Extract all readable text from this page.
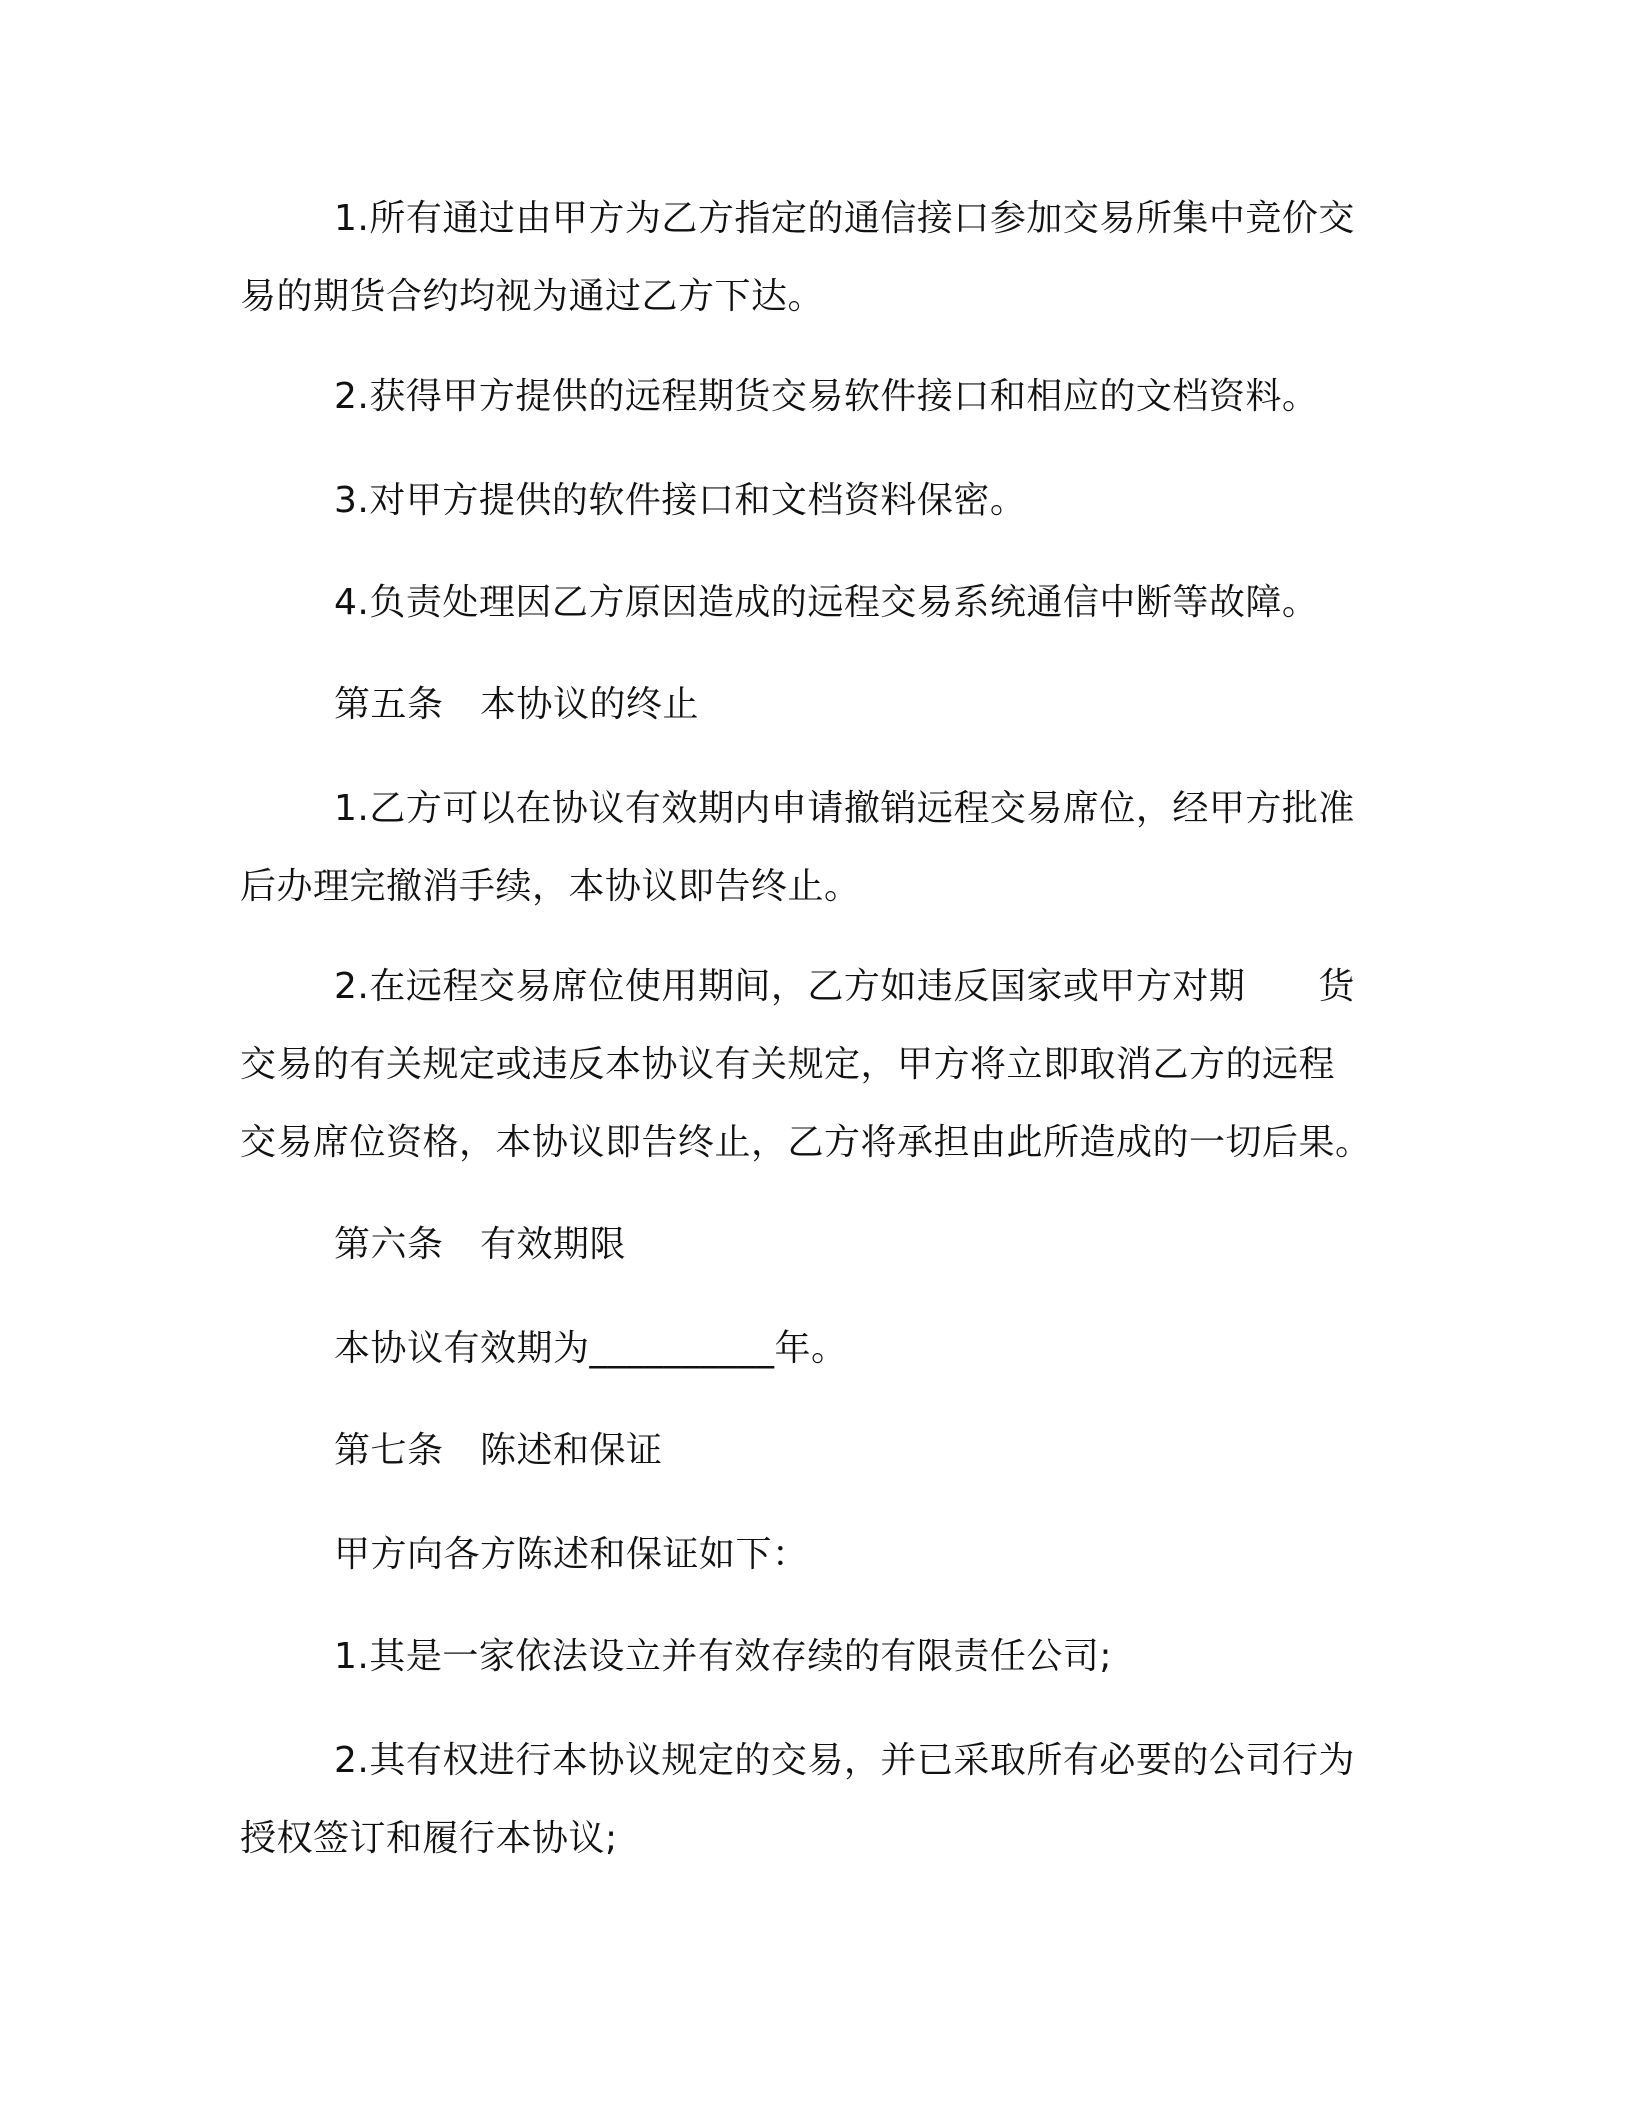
1.所有通过由甲方为乙方指定的通信接口参加交易所集中竞价交
易的期货合约均视为通过乙方下达。
2.获得甲方提供的远程期货交易软件接口和相应的文档资料。
3.对甲方提供的软件接口和文档资料保密。
4.负责处理因乙方原因造成的远程交易系统通信中断等故障。
第五条　本协议的终止
1.乙方可以在协议有效期内申请撤销远程交易席位，经甲方批准
后办理完撤消手续，本协议即告终止。
2.在远程交易席位使用期间，乙方如违反国家或甲方对期　　货
交易的有关规定或违反本协议有关规定，甲方将立即取消乙方的远程
交易席位资格，本协议即告终止，乙方将承担由此所造成的一切后果。
第六条　有效期限
本协议有效期为__________年。
第七条　陈述和保证
甲方向各方陈述和保证如下：
1.其是一家依法设立并有效存续的有限责任公司;
2.其有权进行本协议规定的交易，并已采取所有必要的公司行为
授权签订和履行本协议;
